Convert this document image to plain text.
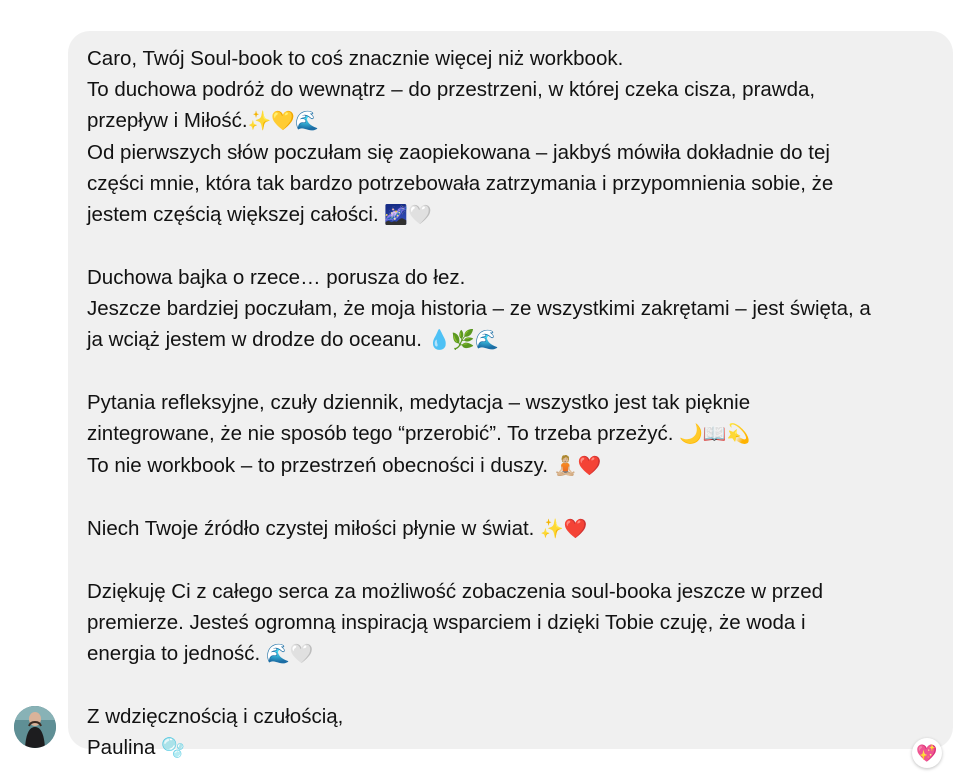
Caro, Twój Soul-book to coś znacznie więcej niż workbook.
To duchowa podróż do wewnątrz – do przestrzeni, w której czeka cisza, prawda,
przepływ i Miłość.✨💛🌊
Od pierwszych słów poczułam się zaopiekowana – jakbyś mówiła dokładnie do tej
części mnie, która tak bardzo potrzebowała zatrzymania i przypomnienia sobie, że
jestem częścią większej całości. 🌌🤍
Duchowa bajka o rzece… porusza do łez.
Jeszcze bardziej poczułam, że moja historia – ze wszystkimi zakrętami – jest święta, a
ja wciąż jestem w drodze do oceanu. 💧🌿🌊
Pytania refleksyjne, czuły dziennik, medytacja – wszystko jest tak pięknie
zintegrowane, że nie sposób tego “przerobić”. To trzeba przeżyć. 🌙📖💫
To nie workbook – to przestrzeń obecności i duszy. 🧘🏼❤️
Niech Twoje źródło czystej miłości płynie w świat. ✨❤️
Dziękuję Ci z całego serca za możliwość zobaczenia soul-booka jeszcze w przed
premierze. Jesteś ogromną inspiracją wsparciem i dzięki Tobie czuję, że woda i
energia to jedność. 🌊🤍
Z wdzięcznością i czułością,
Paulina 🫧	💖
